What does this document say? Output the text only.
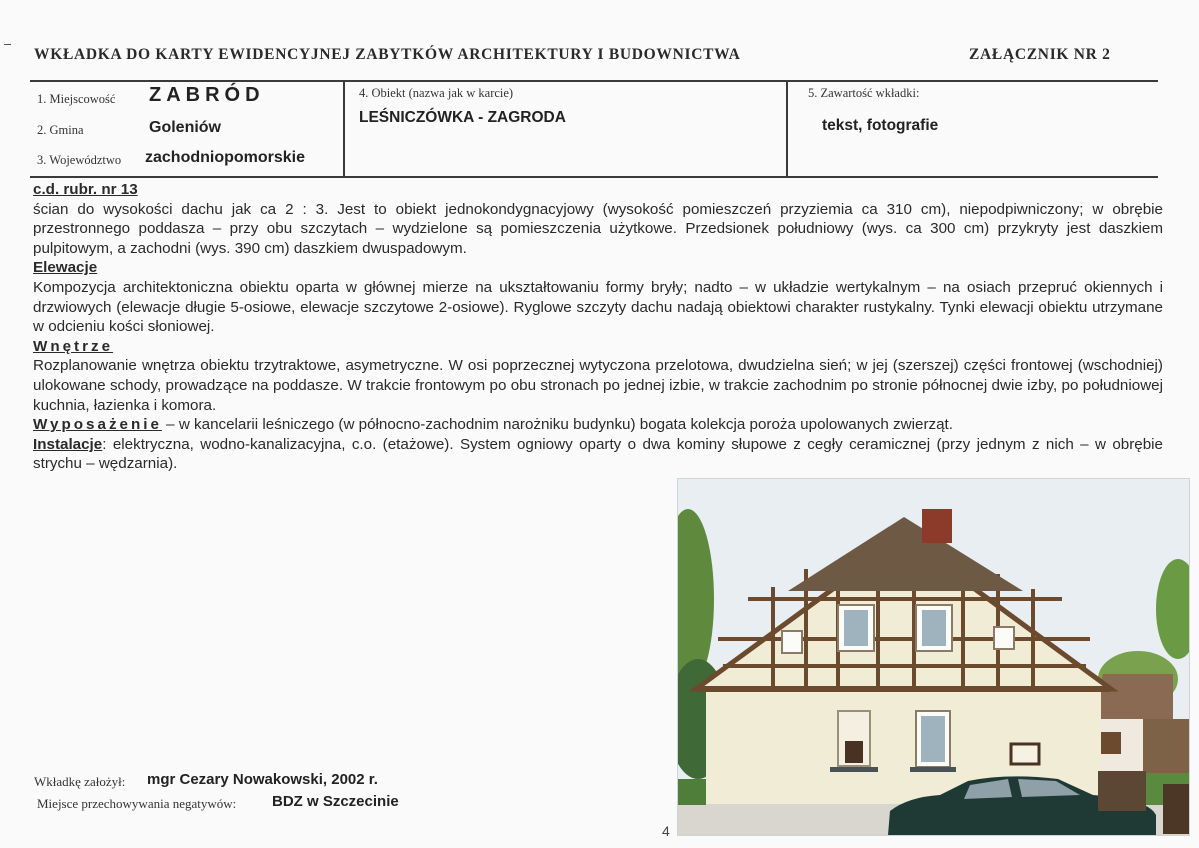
WKŁADKA DO KARTY EWIDENCYJNEJ ZABYTKÓW ARCHITEKTURY I BUDOWNICTWA	ZAŁĄCZNIK NR 2
1. Miejscowość ZABRÓD
2. Gmina	Goleniów
3. Województwo zachodniopomorskie
4. Obiekt (nazwa jak w karcie)
LEŚNICZÓWKA - ZAGRODA
5. Zawartość wkładki:
tekst, fotografie

c.d. rubr. nr 13

ścian do wysokości dachu jak ca 2 : 3. Jest to obiekt jednokondygnacyjowy (wysokość pomieszczeń przyziemia ca 310 cm), niepodpiwniczony; w obrębie przestronnego poddasza – przy obu szczytach – wydzielone są pomieszczenia użytkowe. Przedsionek południowy (wys. ca 300 cm) przykryty jest daszkiem pulpitowym, a zachodni (wys. 390 cm) daszkiem dwuspadowym.

Elewacje

Kompozycja architektoniczna obiektu oparta w głównej mierze na ukształtowaniu formy bryły; nadto – w układzie wertykalnym – na osiach przepruć okiennych i drzwiowych (elewacje długie 5-osiowe, elewacje szczytowe 2-osiowe). Ryglowe szczyty dachu nadają obiektowi charakter rustykalny. Tynki elewacji obiektu utrzymane w odcieniu kości słoniowej.

Wnętrze

Rozplanowanie wnętrza obiektu trzytraktowe, asymetryczne. W osi poprzecznej wytyczona przelotowa, dwudzielna sień; w jej (szerszej) części frontowej (wschodniej) ulokowane schody, prowadzące na poddasze. W trakcie frontowym po obu stronach po jednej izbie, w trakcie zachodnim po stronie północnej dwie izby, po południowej kuchnia, łazienka i komora.

Wyposażenie – w kancelarii leśniczego (w północno-zachodnim narożniku budynku) bogata kolekcja poroża upolowanych zwierząt.

Instalacje: elektryczna, wodno-kanalizacyjna, c.o. (etażowe). System ogniowy oparty o dwa kominy słupowe z cegły ceramicznej (przy jednym z nich – w obrębie strychu – wędzarnia).

Wkładkę założył: mgr Cezary Nowakowski, 2002 r.
Miejsce przechowywania negatywów: BDZ w Szczecinie
4
